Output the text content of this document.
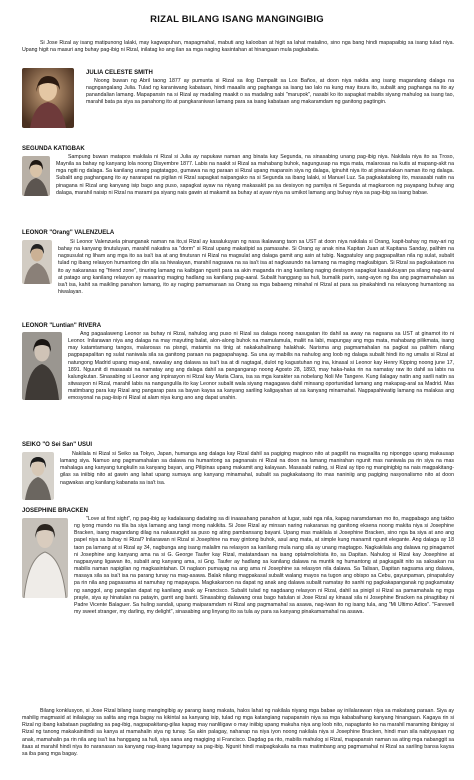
RIZAL BILANG ISANG MANGINGIBIG

Si Jose Rizal ay isang matipunong lalaki, may kagwapuhan, mapagmahal, mabuti ang kalooban at higit sa lahat matalino, sino nga bang hindi mapapaibig sa isang tulad niya. Upang higit na masuri ang buhay pag-ibig ni Rizal, inilatag ko ang ilan sa mga naging kasintahan at hinangaan mula pagkabata.

JULIA CELESTE SMITH

Noong buwan ng Abril taong 1877 ay pumunta si Rizal sa ilog Dampalit sa Los Baños, at doon niya nakita ang isang magandang dalaga na nagngangalang Julia. Tulad ng karaniwang kabataan, hindi maaalis ang paghanga sa isang tao lalo na kung may itsura ito, subalit ang paghanga na ito ay panandalian lamang. Mapapansin na si Rizal ay madaling maakit o sa madaling sabi "marupok", nasabi ko ito sapagkat mabilis siyang mahulog sa isang tao, marahil bata pa siya sa panahong ito at pangkaraniwan lamang para sa isang kabataan ang makaramdam ng ganitong pagtingin.

SEGUNDA KATIGBAK

Sampung buwan matapos makilala ni Rizal si Julia ay napukaw naman ang binata kay Segunda, na sinasabing unang pag-ibig niya. Nakilala niya ito sa Troso, Maynila sa bahay ng kanyang lola noong Disyembre 1877. Labis na naakit si Rizal sa mahabang buhok, nagungusap na mga mata, malarosas na kutis at mapang-akit na mga ngiti ng dalaga. Sa kanilang unang pagtatagpo, gumawa na ng paraan si Rizal upang mapansin siya ng dalaga, iginuhit niya ito at pinaunlakan naman ito ng dalaga. Subalit ang paghangang ito ay nararapat na pigilan ni Rizal sapagkat naipangako na si Segunda sa ibang lalaki, si Manuel Luz. Sa pagkakatalong ito, masasabi natin na pinagana ni Rizal ang kanyang isip bago ang puso, sapagkat ayaw na niyang makasakit pa sa desisyon ng pamilya ni Segunda at magkaroon ng payapang buhay ang dalaga, marahil naisip ni Rizal na marami pa siyang nais gawin at makamit sa buhay at ayaw niya na umikot lamang ang buhay niya sa pag-ibig sa isang babae.

LEONOR "Orang" VALENZUELA

Si Leonor Valenzuela pinanganak naman na ito,si Rizal ay kasalukuyan ng nasa ikalawang taon sa UST at doon niya nakilala si Orang, kapit-bahay ng may-ari ng bahay na kanyang tinutuluyan, marahil nakatira sa "dorm" si Rizal upang makatipid sa pamasahe. Si Orang ay anak nina Kapitan Juan at Kapitana Sanday, palihim na nagsusulat ng liham ang mga ito sa isa't isa at ang tinuturan ni Rizal na magsulat ang dalaga gamit ang asin at tubig. Nagpatuloy ang pagpapalitan nila ng sulat, subalit tulad ng ibang relasyon humantong din sila sa hiwalayan, marahil nagsawa na sa isa't isa at nagkasundo na lamang na maging magkaibigan. Si Rizal sa pagkakataon na ito ay nakaranas ng "friend zone", tinuring lamang na kaibigan ngunit para sa akin maganda rin ang kanilang naging desisyon sapagkat kasalukuyan pa silang nag-aaral at patago ang kanilang relasyon ay maaaring maging hadlang sa kanilang pag-aaral. Subalit hanggang sa huli, bumalik parin, sang-ayon ng iba ang pagmamahalan sa isa't isa, kahit sa maikling panahon lamang, ito ay naging pamamaraan sa Orang sa mga babaeng minahal ni Rizal at para sa pinakahindi na relasyong humantong sa hiwalayan.

LEONOR "Luntian" RIVERA

Ang pagaalaweng Leonor sa buhay ni Rizal, nahulog ang puso ni Rizal sa dalaga noong nasugatan ito dahil sa away na nagsana sa UST at ginamot ito ni Leonor. Inilarawan niya ang dalaga na may mayuting balat, alon-along buhok na mamulamula, maliit na labi, mapungay ang mga mata, mahabang pilikmata, isang may katamtamang tangos, malarosas na pisngi, matamis na tinig at nakakahalinang halakhak. Narisma ang pagmamahalan na pagkat sa palihim nilang pagpapapalitan ng sulat naniwala sila sa ganitong paraan na pagpapahayag. Sa una ay mabilis na nahulog ang loob ng dalaga subalit hindi ito ng umalis si Rizal at natungong Madrid upang mag-aral, nawalay ang dalawa sa isa't isa at di nagtagal, dulot ng kagustuhan ng ina, kinasal si Leonor kay Henry Kipping noong june 17, 1891. Nguunit di masasabi na namatay ang ang dalaga dahil sa pangangarap noong Agosto 28, 1893, may haka-haka rin na namatay raw ito dahil sa labis na kalungkutan. Sinasabing si Leonor ang inpirasyon ni Rizal kay Maria Clara, isa sa mga karakter sa nobelang Noli Me Tangere. Kung ilalagay natin ang sarili natin sa sitwasyon ni Rizal, marahil labis na nangungulila ito kay Leonor subalit wala siyang magagawa dahil minsang oportunidad lamang ang makapag-aral sa Madrid. Mas matimbang para kay Rizal ang pangarap para sa bayan kaysa sa kanyang sariling kaligayahan at sa kanyang minamahal. Nagpapahiwatig lamang na malakas ang emosyonal na pag-iisip ni Rizal at alam niya kung ano ang dapat unahin.

SEIKO "O Sei San" USUI

Nakilala ni Rizal si Seiko sa Tokyo, Japan, humanga ang dalaga kay Rizal dahil sa pagiging maginoo nito at pagpilit na magsalita ng niponggo upang makausap lamang siya. Namuo ang pagmamahalan sa dalawa na humantong sa pagnanais ni Rizal na doon na lamang manirahan ngunit mas naniwala pa rin siya na mas mahalaga ang kanyang tungkulin sa kanyang bayan, ang Pilipinas upang makamit ang kalayaan. Masasabi nating, si Rizal ay tipo ng manginigbig na nais magpakitang-gilas sa iniibig nito at gawin ang lahat upang sumaya ang kanyang minamahal, subalit sa pagkakataong ito mas naniniig ang pagiging nasyonalismo nito at doon nagwakas ang kanilang kabanata sa isa't isa.

JOSEPHINE BRACKEN

"Love at first sight", ng pag-ibig ay kadalasang dadating sa di inaasahang panahon at lugar, sabi nga nila, kapag naramdaman mo ito, magpabago ang takbo ng iyong mundo na tila ba siya lamang ang tangi mong nakikita. Si Jose Rizal ay minsan naring nakaranas ng ganitong eksena noong makita niya si Josephine Bracken, isang magandang dilag na nakasungkit sa puso ng ating pambansang bayani. Upang mas makilala si Josephine Bracken, sino nga ba siya at ano ang papel niya sa buhay ni Rizal? Inilarawan ni Rizal si Josephine na may gintong buhok, asul ang mata, at simple kung manamit ngunit elegante. Ang dalaga ay 18 taon pa lamang at si Rizal ay 34, nagbunga ang isang malalim na relasyon sa kanilang mula nang sila ay unang magtagpo. Nagkakilala ang dalawa ng pinagamot ni Josephine ang kanyang ama na si G. George Taufer kay Rizal, matatandaan na isang optalmolohista ito, sa Dapitan. Nahulog si Rizal kay Josephine at nagpasyang ligawan ito, subalit ang kanyang ama, si Gng. Taufer ay hadlang sa kanilang dalawa na muntik ng humantong at pagkagalit nito sa saksakan na mabilis naman napigilan ng magkasintahan. Di naglaon pumayag na ang ama ni Josephine sa relasyon nila dalawa. Sa Talisan, Dapitan nagsama ang dalawa, masaya sila sa isa't isa na parang tunay na mag-asawa. Balak nilang magpakasal subalit walang mayos na tugon ang obispo sa Cebu, gayunpaman, pinapatuloy pa rin nila ang pagsasama at namuhay ng mapayapa. Magkakaroon na dapat ng anak ang dalawa subalit namatay ito sanhi ng pagkakapanganak ng pagkamatay ng sanggol, ang pangalan dapat ng kanilang anak ay Francisco. Subalit tulad ng nagdaang relasyon ni Rizal, dahil sa pinigil si Rizal sa pamamahala ng mga prayle, siya ay hinatulan na patayin, garrit ang banti. Sinasabing dalawang oras bago hatulan si Jose Rizal ay kinasal sila ni Josephine Bracken na pinagtibay ni Padre Vicente Balaguer. Sa huling sandali, upang maiparamdam ni Rizal ang pagmamahal sa asawa, nag-iwan ito ng isang tula, ang "Mi Ultimo Adios". "Farewell my sweet stranger, my darling, my delight", sinasabing ang linyang ito sa tula ay para sa kanyang pinakamamahal na asawa.

Bilang konklusyon, si Jose Rizal bilang isang mangingibig ay parang isang makata, halos lahat ng nakilala niyang mga babae ay inilalarawan niya sa makatang paraan. Siya ay mahilig magmasid at inilalagay sa salita ang mga bagay na kikintal sa kanyang isip, tulad ng mga katangiang napapansin niya sa mga kababaihang kanyang hinangaan. Kagaya rin si Rizal ng ibang kabataan pagdating sa pag-ibig, nagpapakitang-gilas kapag may nanliligaw o may iniibig upang makuha niya ang loob nito, napagtanto ko na marahil maraming ibinigay si Rizal ng tanong makakainitindi sa kanya at mamahalin siya ng tunay. Sa akin palagay, nahanap na niya iyon noong nakilala niya si Josephine Bracken, hindi man sila nabiyayaan ng anak, mamahalin pa rin nila ang isa't isa hanggang sa huli, siya sana ang magiging si Francisco. Dagdag pa rito, mabilis mahulog si Rizal, mapapansin naman sa ating mga nabanggit sa itaas at marahil hindi niya ito naranasan sa kanyang nag-iisang tagumpay sa pag-ibig. Ngunit hindi maipagkakaila na mas matimbang ang pagmamahal ni Rizal sa sariling bansa kaysa sa iba pang mga bagay.
